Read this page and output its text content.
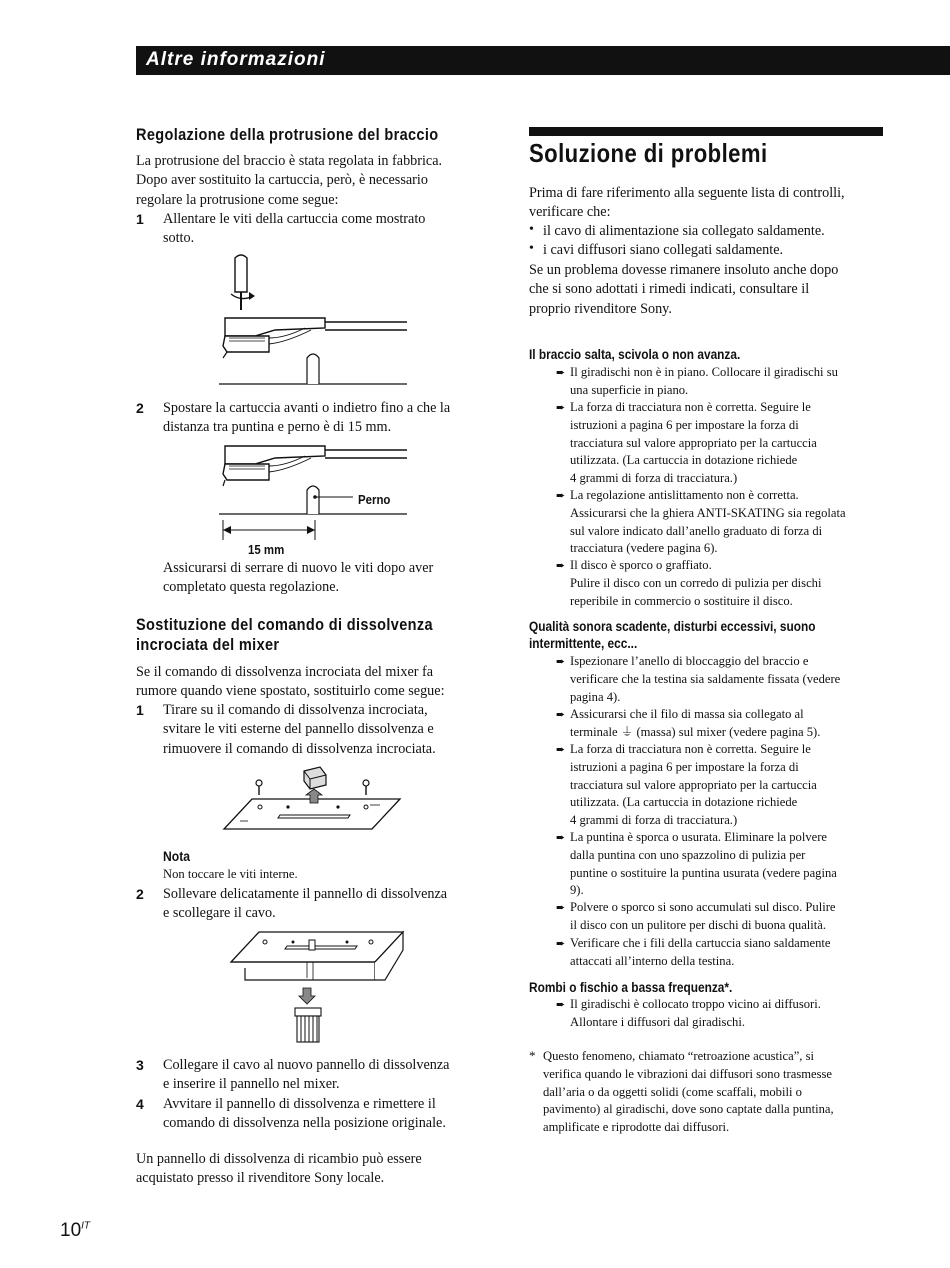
Altre informazioni
Regolazione della protrusione del braccio
La protrusione del braccio è stata regolata in fabbrica.
Dopo aver sostituito la cartuccia, però, è necessario
regolare la protrusione come segue:
1 Allentare le viti della cartuccia come mostrato
sotto.
2 Spostare la cartuccia avanti o indietro fino a che la
distanza tra puntina e perno è di 15 mm.
Perno
15 mm
Assicurarsi di serrare di nuovo le viti dopo aver
completato questa regolazione.
Sostituzione del comando di dissolvenza
incrociata del mixer
Se il comando di dissolvenza incrociata del mixer fa
rumore quando viene spostato, sostituirlo come segue:
1 Tirare su il comando di dissolvenza incrociata,
svitare le viti esterne del pannello dissolvenza e
rimuovere il comando di dissolvenza incrociata.
Nota
Non toccare le viti interne.
2 Sollevare delicatamente il pannello di dissolvenza
e scollegare il cavo.
3 Collegare il cavo al nuovo pannello di dissolvenza
e inserire il pannello nel mixer.
4 Avvitare il pannello di dissolvenza e rimettere il
comando di dissolvenza nella posizione originale.
Un pannello di dissolvenza di ricambio può essere
acquistato presso il rivenditore Sony locale.
Soluzione di problemi
Prima di fare riferimento alla seguente lista di controlli,
verificare che:
• il cavo di alimentazione sia collegato saldamente.
• i cavi diffusori siano collegati saldamente.
Se un problema dovesse rimanere insoluto anche dopo
che si sono adottati i rimedi indicati, consultare il
proprio rivenditore Sony.
Il braccio salta, scivola o non avanza.
➨ Il giradischi non è in piano. Collocare il giradischi su
una superficie in piano.
➨ La forza di tracciatura non è corretta. Seguire le
istruzioni a pagina 6 per impostare la forza di
tracciatura sul valore appropriato per la cartuccia
utilizzata. (La cartuccia in dotazione richiede
4 grammi di forza di tracciatura.)
➨ La regolazione antislittamento non è corretta.
Assicurarsi che la ghiera ANTI-SKATING sia regolata
sul valore indicato dall’anello graduato di forza di
tracciatura (vedere pagina 6).
➨ Il disco è sporco o graffiato.
Pulire il disco con un corredo di pulizia per dischi
reperibile in commercio o sostituire il disco.
Qualità sonora scadente, disturbi eccessivi, suono
intermittente, ecc...
➨ Ispezionare l’anello di bloccaggio del braccio e
verificare che la testina sia saldamente fissata (vedere
pagina 4).
➨ Assicurarsi che il filo di massa sia collegato al
terminale ⏚ (massa) sul mixer (vedere pagina 5).
➨ La forza di tracciatura non è corretta. Seguire le
istruzioni a pagina 6 per impostare la forza di
tracciatura sul valore appropriato per la cartuccia
utilizzata. (La cartuccia in dotazione richiede
4 grammi di forza di tracciatura.)
➨ La puntina è sporca o usurata. Eliminare la polvere
dalla puntina con uno spazzolino di pulizia per
puntine o sostituire la puntina usurata (vedere pagina
9).
➨ Polvere o sporco si sono accumulati sul disco. Pulire
il disco con un pulitore per dischi di buona qualità.
➨ Verificare che i fili della cartuccia siano saldamente
attaccati all’interno della testina.
Rombi o fischio a bassa frequenza*.
➨ Il giradischi è collocato troppo vicino ai diffusori.
Allontare i diffusori dal giradischi.
* Questo fenomeno, chiamato “retroazione acustica”, si
verifica quando le vibrazioni dai diffusori sono trasmesse
dall’aria o da oggetti solidi (come scaffali, mobili o
pavimento) al giradischi, dove sono captate dalla puntina,
amplificate e riprodotte dai diffusori.
$10^{IT}$
